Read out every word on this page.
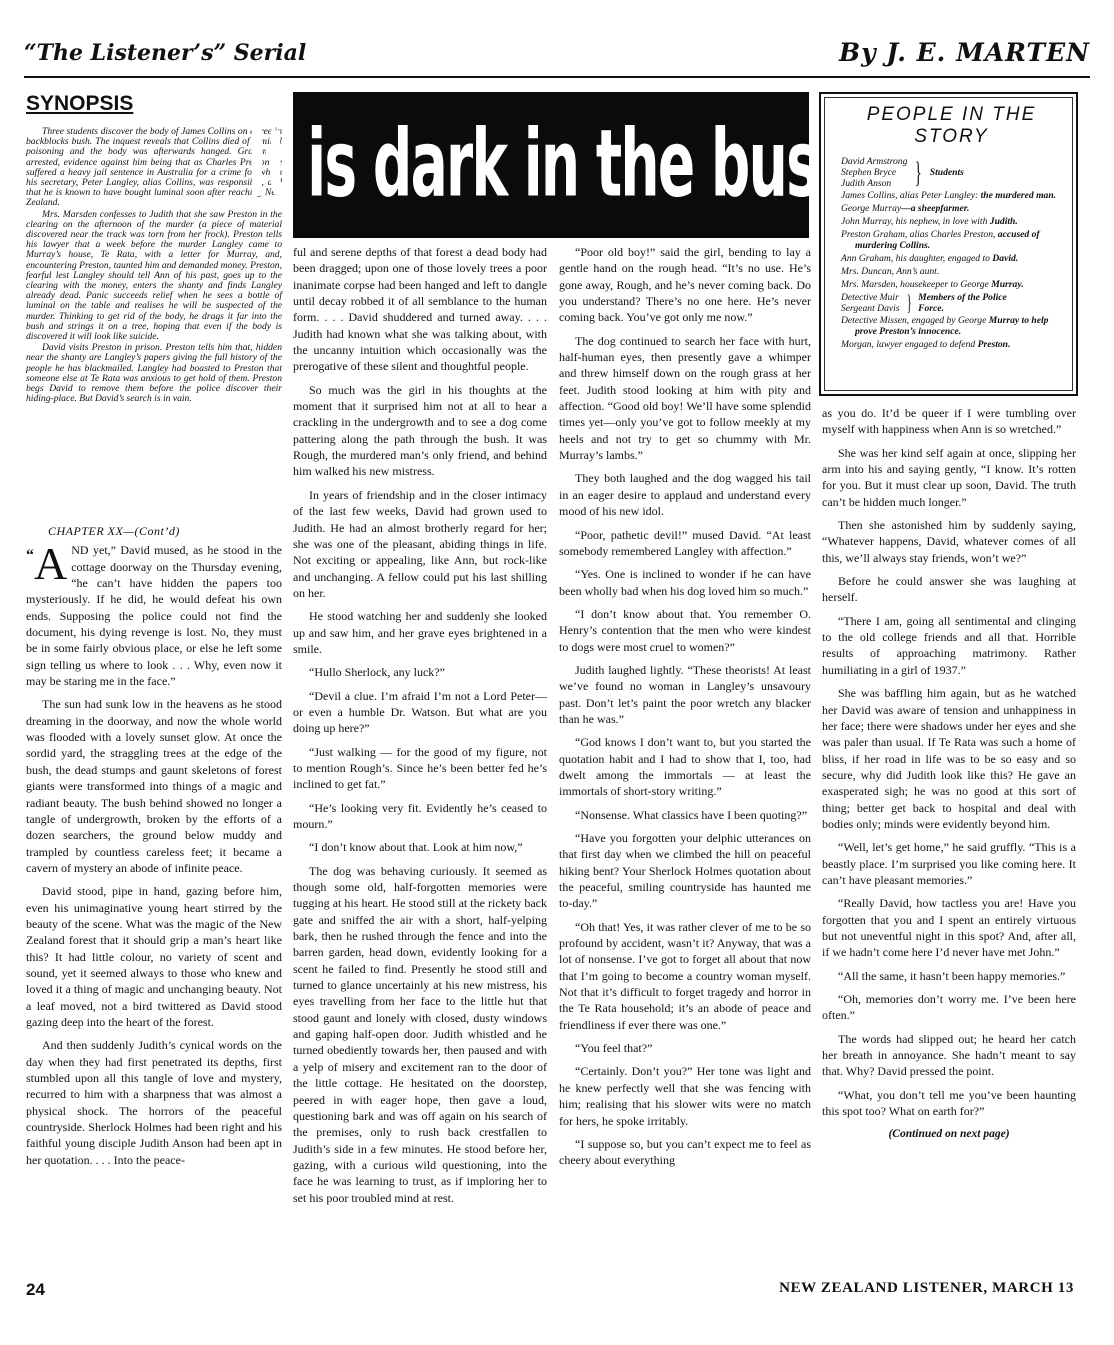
“The Listener’s” Serial	By J. E. MARTEN
SYNOPSIS

Three students discover the body of James Collins on a tree in backblocks bush. The inquest reveals that Collins died of luminal poisoning and the body was afterwards hanged. Graham is arrested, evidence against him being that as Charles Preston he suffered a heavy jail sentence in Australia for a crime for which his secretary, Peter Langley, alias Collins, was responsible, and that he is known to have bought luminal soon after reaching New Zealand.

Mrs. Marsden confesses to Judith that she saw Preston in the clearing on the afternoon of the murder (a piece of material discovered near the track was torn from her frock). Preston tells his lawyer that a week before the murder Langley came to Murray’s house, Te Rata, with a letter for Murray, and, encountering Preston, taunted him and demanded money. Preston, fearful lest Langley should tell Ann of his past, goes up to the clearing with the money, enters the shanty and finds Langley already dead. Panic succeeds relief when he sees a bottle of luminal on the table and realises he will be suspected of the murder. Thinking to get rid of the body, he drags it far into the bush and strings it on a tree, hoping that even if the body is discovered it will look like suicide.

David visits Preston in prison. Preston tells him that, hidden near the shanty are Langley’s papers giving the full history of the people he has blackmailed. Langley had boasted to Preston that someone else at Te Rata was anxious to get hold of them. Preston begs David to remove them before the police discover their hiding-place. But David’s search is in vain.

It is dark in the bush PEOPLE IN THE
STORY
David Armstrong
Stephen Bryce
Judith Anson } Students
James Collins, alias Peter Langley: the murdered man.
George Murray—a sheepfarmer.
John Murray, his nephew, in love with Judith.
Preston Graham, alias Charles Preston, accused of murdering Collins.
Ann Graham, his daughter, engaged to David.
Mrs. Duncan, Ann’s aunt.
Mrs. Marsden, housekeeper to George Murray.
Detective Muir
Sergeant Davis } Members of the Police Force.
Detective Missen, engaged by George Murray to help prove Preston’s innocence.
Morgan, lawyer engaged to defend Preston.

CHAPTER XX—(Cont’d)

“ A ND yet,” David mused, as he stood in the cottage doorway on the Thursday evening, “he can’t have hidden the papers too mysteriously. If he did, he would defeat his own ends. Supposing the police could not find the document, his dying revenge is lost. No, they must be in some fairly obvious place, or else he left some sign telling us where to look . . . Why, even now it may be staring me in the face.”

The sun had sunk low in the heavens as he stood dreaming in the doorway, and now the whole world was flooded with a lovely sunset glow. At once the sordid yard, the straggling trees at the edge of the bush, the dead stumps and gaunt skeletons of forest giants were transformed into things of a magic and radiant beauty. The bush behind showed no longer a tangle of undergrowth, broken by the efforts of a dozen searchers, the ground below muddy and trampled by countless careless feet; it became a cavern of mystery an abode of infinite peace.

David stood, pipe in hand, gazing before him, even his unimaginative young heart stirred by the beauty of the scene. What was the magic of the New Zealand forest that it should grip a man’s heart like this? It had little colour, no variety of scent and sound, yet it seemed always to those who knew and loved it a thing of magic and unchanging beauty. Not a leaf moved, not a bird twittered as David stood gazing deep into the heart of the forest.

And then suddenly Judith’s cynical words on the day when they had first penetrated its depths, first stumbled upon all this tangle of love and mystery, recurred to him with a sharpness that was almost a physical shock. The horrors of the peaceful countryside. Sherlock Holmes had been right and his faithful young disciple Judith Anson had been apt in her quotation. . . . Into the peace-

ful and serene depths of that forest a dead body had been dragged; upon one of those lovely trees a poor inanimate corpse had been hanged and left to dangle until decay robbed it of all semblance to the human form. . . . David shuddered and turned away. . . . Judith had known what she was talking about, with the uncanny intuition which occasionally was the prerogative of these silent and thoughtful people.

So much was the girl in his thoughts at the moment that it surprised him not at all to hear a crackling in the undergrowth and to see a dog come pattering along the path through the bush. It was Rough, the murdered man’s only friend, and behind him walked his new mistress.

In years of friendship and in the closer intimacy of the last few weeks, David had grown used to Judith. He had an almost brotherly regard for her; she was one of the pleasant, abiding things in life. Not exciting or appealing, like Ann, but rock-like and unchanging. A fellow could put his last shilling on her.

He stood watching her and suddenly she looked up and saw him, and her grave eyes brightened in a smile.

“Hullo Sherlock, any luck?”

“Devil a clue. I’m afraid I’m not a Lord Peter—or even a humble Dr. Watson. But what are you doing up here?”

“Just walking — for the good of my figure, not to mention Rough’s. Since he’s been better fed he’s inclined to get fat.”

“He’s looking very fit. Evidently he’s ceased to mourn.”

“I don’t know about that. Look at him now,”

The dog was behaving curiously. It seemed as though some old, half-forgotten memories were tugging at his heart. He stood still at the rickety back gate and sniffed the air with a short, half-yelping bark, then he rushed through the fence and into the barren garden, head down, evidently looking for a scent he failed to find. Presently he stood still and turned to glance uncertainly at his new mistress, his eyes travelling from her face to the little hut that stood gaunt and lonely with closed, dusty windows and gaping half-open door. Judith whistled and he turned obediently towards her, then paused and with a yelp of misery and excitement ran to the door of the little cottage. He hesitated on the doorstep, peered in with eager hope, then gave a loud, questioning bark and was off again on his search of the premises, only to rush back crestfallen to Judith’s side in a few minutes. He stood before her, gazing, with a curious wild questioning, into the face he was learning to trust, as if imploring her to set his poor troubled mind at rest.

“Poor old boy!” said the girl, bending to lay a gentle hand on the rough head. “It’s no use. He’s gone away, Rough, and he’s never coming back. Do you understand? There’s no one here. He’s never coming back. You’ve got only me now.”

The dog continued to search her face with hurt, half-human eyes, then presently gave a whimper and threw himself down on the rough grass at her feet. Judith stood looking at him with pity and affection. “Good old boy! We’ll have some splendid times yet—only you’ve got to follow meekly at my heels and not try to get so chummy with Mr. Murray’s lambs.”

They both laughed and the dog wagged his tail in an eager desire to applaud and understand every mood of his new idol.

“Poor, pathetic devil!” mused David. “At least somebody remembered Langley with affection.”

“Yes. One is inclined to wonder if he can have been wholly bad when his dog loved him so much.”

“I don’t know about that. You remember O. Henry’s contention that the men who were kindest to dogs were most cruel to women?”

Judith laughed lightly. “These theorists! At least we’ve found no woman in Langley’s unsavoury past. Don’t let’s paint the poor wretch any blacker than he was.”

“God knows I don’t want to, but you started the quotation habit and I had to show that I, too, had dwelt among the immortals — at least the immortals of short-story writing.”

“Nonsense. What classics have I been quoting?”

“Have you forgotten your delphic utterances on that first day when we climbed the hill on peaceful hiking bent? Your Sherlock Holmes quotation about the peaceful, smiling countryside has haunted me to-day.”

“Oh that! Yes, it was rather clever of me to be so profound by accident, wasn’t it? Anyway, that was a lot of nonsense. I’ve got to forget all about that now that I’m going to become a country woman myself. Not that it’s difficult to forget tragedy and horror in the Te Rata household; it’s an abode of peace and friendliness if ever there was one.”

“You feel that?”

“Certainly. Don’t you?” Her tone was light and he knew perfectly well that she was fencing with him; realising that his slower wits were no match for hers, he spoke irritably.

“I suppose so, but you can’t expect me to feel as cheery about everything

as you do. It’d be queer if I were tumbling over myself with happiness when Ann is so wretched.”

She was her kind self again at once, slipping her arm into his and saying gently, “I know. It’s rotten for you. But it must clear up soon, David. The truth can’t be hidden much longer.”

Then she astonished him by suddenly saying, “Whatever happens, David, whatever comes of all this, we’ll always stay friends, won’t we?”

Before he could answer she was laughing at herself.

“There I am, going all sentimental and clinging to the old college friends and all that. Horrible results of approaching matrimony. Rather humiliating in a girl of 1937.”

She was baffling him again, but as he watched her David was aware of tension and unhappiness in her face; there were shadows under her eyes and she was paler than usual. If Te Rata was such a home of bliss, if her road in life was to be so easy and so secure, why did Judith look like this? He gave an exasperated sigh; he was no good at this sort of thing; better get back to hospital and deal with bodies only; minds were evidently beyond him.

“Well, let’s get home,” he said gruffly. “This is a beastly place. I’m surprised you like coming here. It can’t have pleasant memories.”

“Really David, how tactless you are! Have you forgotten that you and I spent an entirely virtuous but not uneventful night in this spot? And, after all, if we hadn’t come here I’d never have met John.”

“All the same, it hasn’t been happy memories.”

“Oh, memories don’t worry me. I’ve been here often.”

The words had slipped out; he heard her catch her breath in annoyance. She hadn’t meant to say that. Why? David pressed the point.

“What, you don’t tell me you’ve been haunting this spot too? What on earth for?”

(Continued on next page)
24	NEW ZEALAND LISTENER, MARCH 13
